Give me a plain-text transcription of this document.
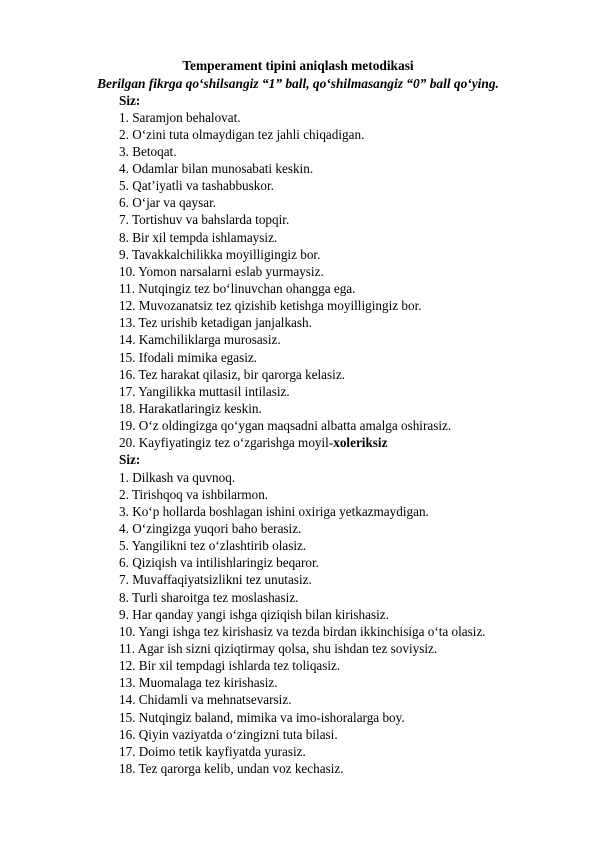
Temperament tipini aniqlash metodikasi

Berilgan fikrga qo‘shilsangiz “1” ball, qo‘shilmasangiz “0” ball qo‘ying.

Siz:
1. Saramjon behalovat.
2. O‘zini tuta olmaydigan tez jahli chiqadigan.
3. Betoqat.
4. Odamlar bilan munosabati keskin.
5. Qat’iyatli va tashabbuskor.
6. O‘jar va qaysar.
7. Tortishuv va bahslarda topqir.
8. Bir xil tempda ishlamaysiz.
9. Tavakkalchilikka moyilligingiz bor.
10. Yomon narsalarni eslab yurmaysiz.
11. Nutqingiz tez bo‘linuvchan ohangga ega.
12. Muvozanatsiz tez qizishib ketishga moyilligingiz bor.
13. Tez urishib ketadigan janjalkash.
14. Kamchiliklarga murosasiz.
15. Ifodali mimika egasiz.
16. Tez harakat qilasiz, bir qarorga kelasiz.
17. Yangilikka muttasil intilasiz.
18. Harakatlaringiz keskin.
19. O‘z oldingizga qo‘ygan maqsadni albatta amalga oshirasiz.
20. Kayfiyatingiz tez o‘zgarishga moyil-xoleriksiz
Siz:
1. Dilkash va quvnoq.
2. Tirishqoq va ishbilarmon.
3. Ko‘p hollarda boshlagan ishini oxiriga yetkazmaydigan.
4. O‘zingizga yuqori baho berasiz.
5. Yangilikni tez o‘zlashtirib olasiz.
6. Qiziqish va intilishlaringiz beqaror.
7. Muvaffaqiyatsizlikni tez unutasiz.
8. Turli sharoitga tez moslashasiz.
9. Har qanday yangi ishga qiziqish bilan kirishasiz.
10. Yangi ishga tez kirishasiz va tezda birdan ikkinchisiga o‘ta olasiz.
11. Agar ish sizni qiziqtirmay qolsa, shu ishdan tez soviysiz.
12. Bir xil tempdagi ishlarda tez toliqasiz.
13. Muomalaga tez kirishasiz.
14. Chidamli va mehnatsevarsiz.
15. Nutqingiz baland, mimika va imo-ishoralarga boy.
16. Qiyin vaziyatda o‘zingizni tuta bilasi.
17. Doimo tetik kayfiyatda yurasiz.
18. Tez qarorga kelib, undan voz kechasiz.
